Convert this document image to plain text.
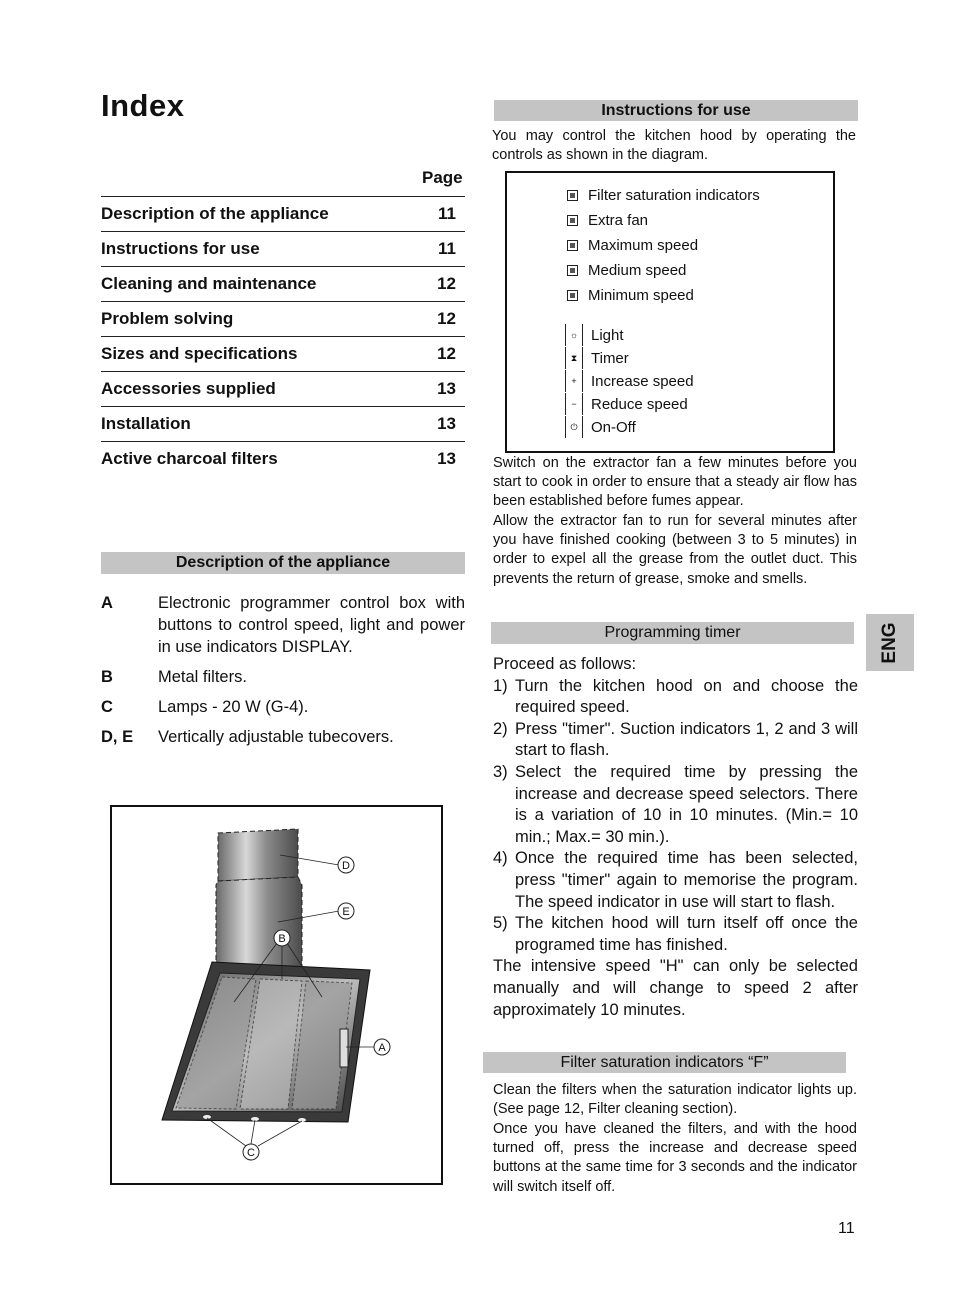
Index
Page
Description of the appliance	11
Instructions for use	11
Cleaning and maintenance	12
Problem solving	12
Sizes and specifications	12
Accessories supplied	13
Installation	13
Active charcoal filters	13
Description of the appliance
A	Electronic programmer control box with buttons to control speed, light and power in use indicators DISPLAY.
B	Metal filters.
C	Lamps - 20 W (G-4).
D, E	Vertically adjustable tubecovers.
D
E
B
A
C
Instructions for use
You may control the kitchen hood by operating the controls as shown in the diagram.
Filter saturation indicators
Extra fan
Maximum speed
Medium speed
Minimum speed
☼ Light
⧗ Timer
+ Increase speed
− Reduce speed
⏻ On-Off
Switch on the extractor fan a few minutes before you start to cook in order to ensure that a steady air flow has been established before fumes appear.
Allow the extractor fan to run for several minutes after you have finished cooking (between 3 to 5 minutes) in order to expel all the grease from the outlet duct. This prevents the return of grease, smoke and smells.
Programming timer	ENG

Proceed as follows:

1) Turn the kitchen hood on and choose the required speed.
2) Press "timer". Suction indicators 1, 2 and 3 will start to flash.
3) Select the required time by pressing the increase and decrease speed selectors. There is a variation of 10 in 10 minutes. (Min.= 10 min.; Max.= 30 min.).
4) Once the required time has been selected, press "timer" again to memorise the program. The speed indicator in use will start to flash.
5) The kitchen hood will turn itself off once the programed time has finished.

The intensive speed "H" can only be selected manually and will change to speed 2 after approximately 10 minutes.

Filter saturation indicators “F”
Clean the filters when the saturation indicator lights up. (See page 12, Filter cleaning section).
Once you have cleaned the filters, and with the hood turned off, press the increase and decrease speed buttons at the same time for 3 seconds and the indicator will switch itself off.
11
